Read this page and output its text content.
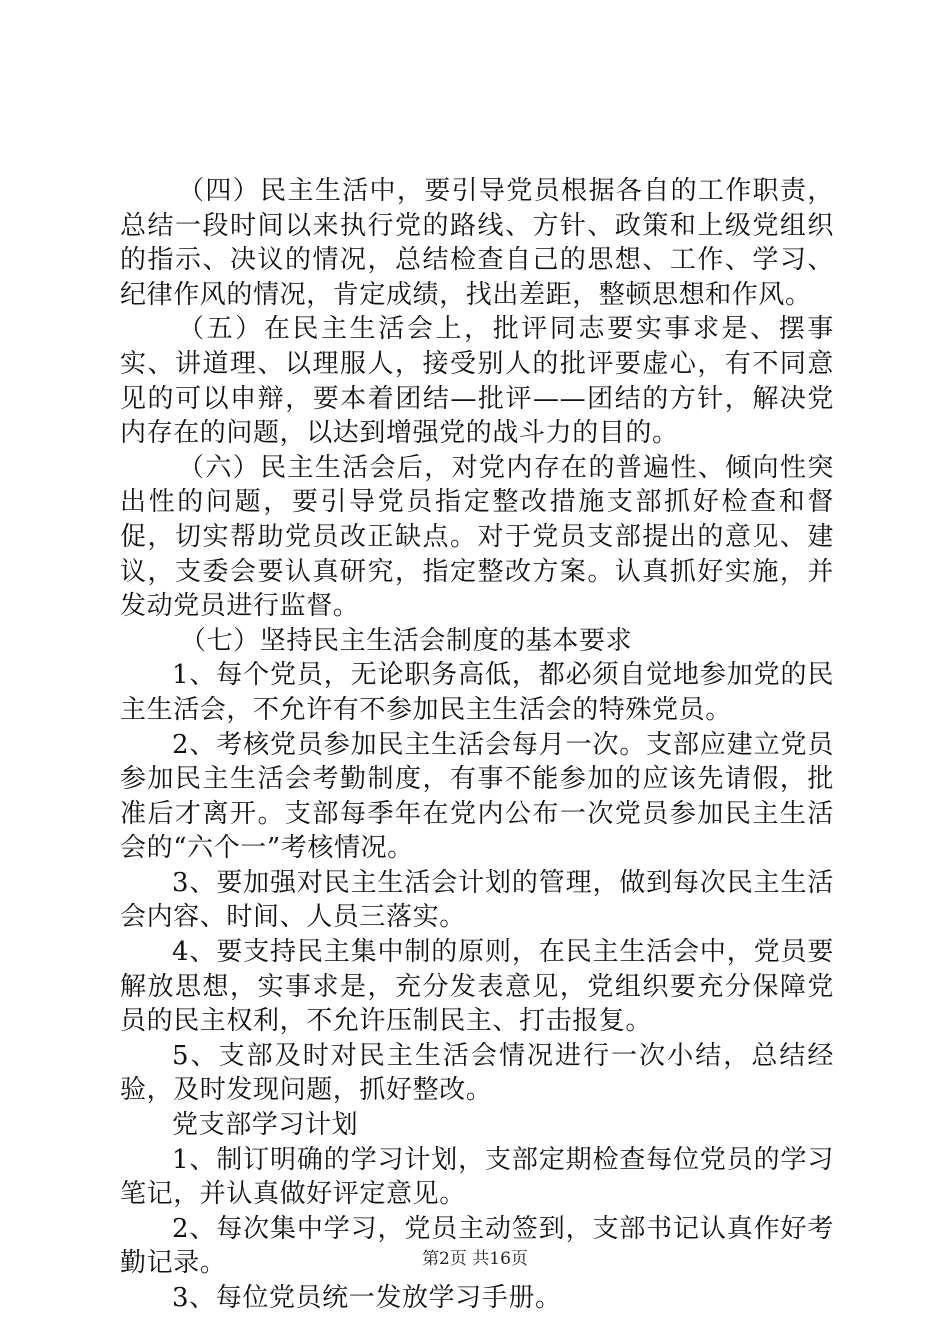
（四）民主生活中，要引导党员根据各自的工作职责，总结一段时间以来执行党的路线、方针、政策和上级党组织的指示、决议的情况，总结检查自己的思想、工作、学习、纪律作风的情况，肯定成绩，找出差距，整顿思想和作风。

（五）在民主生活会上，批评同志要实事求是、摆事实、讲道理、以理服人，接受别人的批评要虚心，有不同意见的可以申辩，要本着团结—批评——团结的方针，解决党内存在的问题，以达到增强党的战斗力的目的。

（六）民主生活会后，对党内存在的普遍性、倾向性突出性的问题，要引导党员指定整改措施支部抓好检查和督促，切实帮助党员改正缺点。对于党员支部提出的意见、建议，支委会要认真研究，指定整改方案。认真抓好实施，并发动党员进行监督。

（七）坚持民主生活会制度的基本要求

1、每个党员，无论职务高低，都必须自觉地参加党的民主生活会，不允许有不参加民主生活会的特殊党员。

2、考核党员参加民主生活会每月一次。支部应建立党员参加民主生活会考勤制度，有事不能参加的应该先请假，批准后才离开。支部每季年在党内公布一次党员参加民主生活会的“六个一”考核情况。

3、要加强对民主生活会计划的管理，做到每次民主生活会内容、时间、人员三落实。

4、要支持民主集中制的原则，在民主生活会中，党员要解放思想，实事求是，充分发表意见，党组织要充分保障党员的民主权利，不允许压制民主、打击报复。

5、支部及时对民主生活会情况进行一次小结，总结经验，及时发现问题，抓好整改。

党支部学习计划

1、制订明确的学习计划，支部定期检查每位党员的学习笔记，并认真做好评定意见。

2、每次集中学习，党员主动签到，支部书记认真作好考勤记录。

3、每位党员统一发放学习手册。

第2页 共16页
